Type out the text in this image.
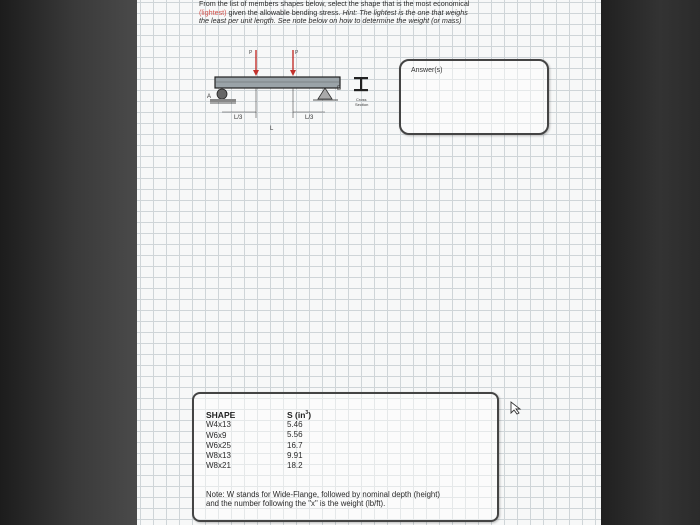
From the list of members shapes below, select the shape that is the most economical
(lightest) given the allowable bending stress. Hint: The lightest is the one that weighs
the least per unit length. See note below on how to determine the weight (or mass)
P	P
A
B
L/3	L/3
L
Cross
Section
Answer(s)
SHAPE
W4x13
W6x9
W6x25
W8x13
W8x21
S $(in^3)$
5.46
5.56
16.7
9.91
18.2
Note: W stands for Wide-Flange, followed by nominal depth (height)
and the number following the "x" is the weight (lb/ft).
